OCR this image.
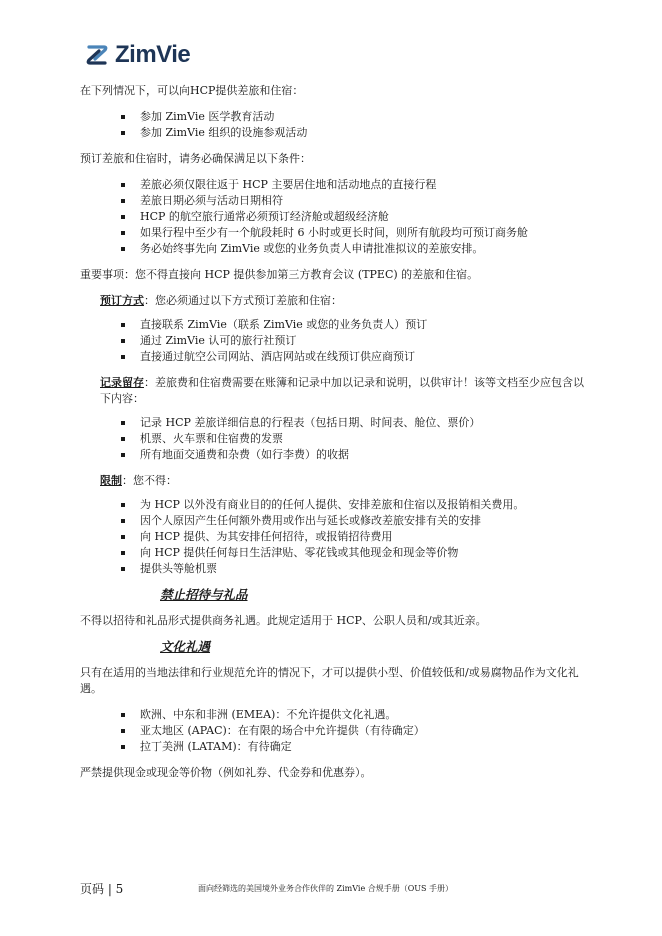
ZimVie

在下列情况下，可以向HCP提供差旅和住宿：

参加 ZimVie 医学教育活动
参加 ZimVie 组织的设施参观活动

预订差旅和住宿时，请务必确保满足以下条件：

差旅必须仅限往返于 HCP 主要居住地和活动地点的直接行程
差旅日期必须与活动日期相符
HCP 的航空旅行通常必须预订经济舱或超级经济舱
如果行程中至少有一个航段耗时 6 小时或更长时间，则所有航段均可预订商务舱
务必始终事先向 ZimVie 或您的业务负责人申请批准拟议的差旅安排。

重要事项：您不得直接向 HCP 提供参加第三方教育会议 (TPEC) 的差旅和住宿。

预订方式：您必须通过以下方式预订差旅和住宿：

直接联系 ZimVie（联系 ZimVie 或您的业务负责人）预订
通过 ZimVie 认可的旅行社预订
直接通过航空公司网站、酒店网站或在线预订供应商预订

记录留存：差旅费和住宿费需要在账簿和记录中加以记录和说明，以供审计！该等文档至少应包含以下内容：

记录 HCP 差旅详细信息的行程表（包括日期、时间表、舱位、票价）
机票、火车票和住宿费的发票
所有地面交通费和杂费（如行李费）的收据

限制：您不得：

为 HCP 以外没有商业目的的任何人提供、安排差旅和住宿以及报销相关费用。
因个人原因产生任何额外费用或作出与延长或修改差旅安排有关的安排
向 HCP 提供、为其安排任何招待，或报销招待费用
向 HCP 提供任何每日生活津贴、零花钱或其他现金和现金等价物
提供头等舱机票

禁止招待与礼品

不得以招待和礼品形式提供商务礼遇。此规定适用于 HCP、公职人员和/或其近亲。

文化礼遇

只有在适用的当地法律和行业规范允许的情况下，才可以提供小型、价值较低和/或易腐物品作为文化礼遇。

欧洲、中东和非洲 (EMEA)：不允许提供文化礼遇。
亚太地区 (APAC)：在有限的场合中允许提供（有待确定）
拉丁美洲 (LATAM)：有待确定

严禁提供现金或现金等价物（例如礼券、代金券和优惠券）。

页码 | 5	面向经筛选的美国境外业务合作伙伴的 ZimVie 合规手册（OUS 手册）
